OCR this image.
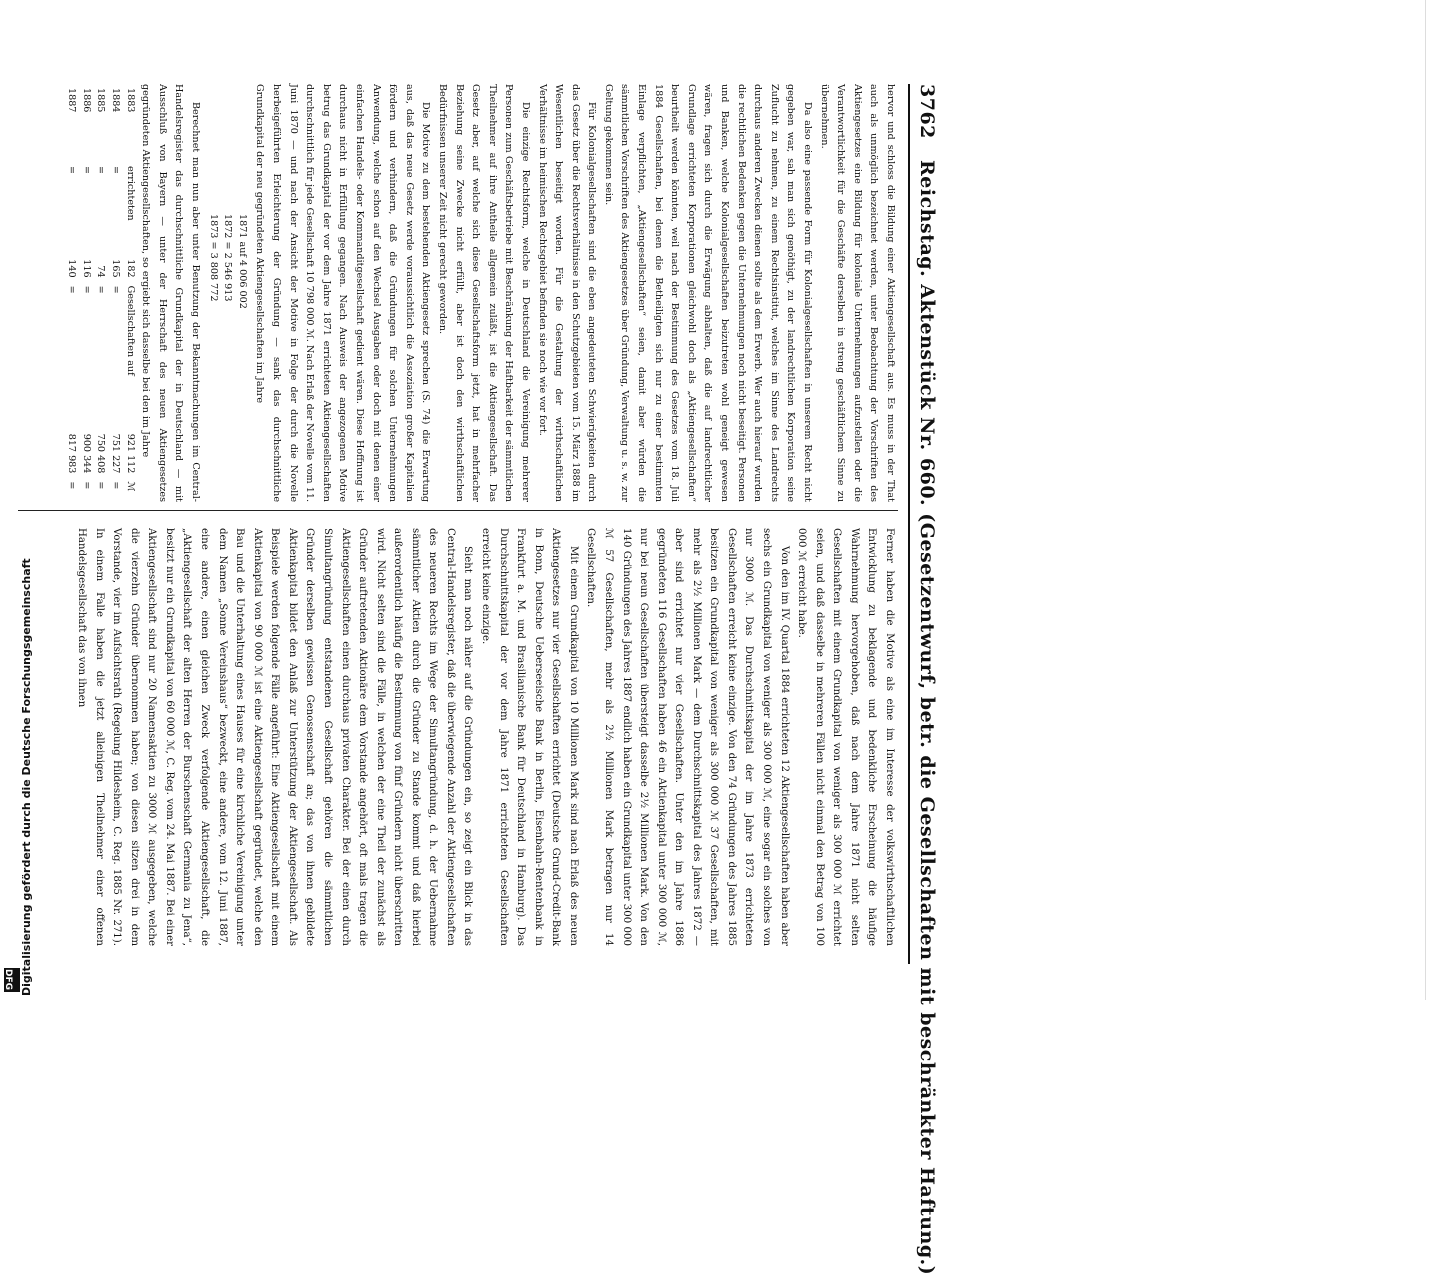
3762 Reichstag. Aktenstück Nr. 660. (Gesetzentwurf, betr. die Gesellschaften mit beschränkter Haftung.)

hervor und schloss die Bildung einer Aktiengesellschaft aus. Es muss in der That auch als unmöglich bezeichnet werden, unter Beobachtung der Vorschriften des Aktiengesetzes eine Bildung für koloniale Unternehmungen aufzustellen oder die Verantwortlichkeit für die Geschäfte derselben in streng geschäftlichem Sinne zu übernehmen.

Da also eine passende Form für Kolonialgesellschaften in unserem Recht nicht gegeben war, sah man sich genöthigt, zu der landrechtlichen Korporation seine Zuflucht zu nehmen, zu einem Rechtsinstitut, welches im Sinne des Landrechts durchaus anderen Zwecken dienen sollte als dem Erwerb. Wer auch hierauf wurden die rechtlichen Bedenken gegen die Unternehmungen noch nicht beseitigt. Personen und Banken, welche Kolonialgesellschaften beizutreten wohl geneigt gewesen wären, fragen sich durch die Erwägung abhalten, daß die auf landrechtlicher Grundlage errichteten Korporationen gleichwohl doch als „Aktiengesellschaften“ beurtheilt werden könnten, weil nach der Bestimmung des Gesetzes vom 18. Juli 1884 Gesellschaften, bei denen die Betheiligten sich nur zu einer bestimmten Einlage verpflichten, „Aktiengesellschaften“ seien, damit aber würden die sämmtlichen Vorschriften des Aktiengesetzes über Gründung, Verwaltung u. s. w. zur Geltung gekommen sein.

Für Kolonialgesellschaften sind die eben angedeuteten Schwierigkeiten durch das Gesetz über die Rechtsverhältnisse in den Schutzgebieten vom 15. März 1888 im Wesentlichen beseitigt worden. Für die Gestaltung der wirthschaftlichen Verhältnisse im heimischen Rechtsgebiet befinden sie noch wie vor fort.

Die einzige Rechtsform, welche in Deutschland die Vereinigung mehrerer Personen zum Geschäftsbetriebe mit Beschränkung der Haftbarkeit der sämmtlichen Theilnehmer auf ihre Antheile allgemein zuläßt, ist die Aktiengesellschaft. Das Gesetz aber, auf welche sich diese Gesellschaftsform jetzt, hat in mehrfacher Beziehung seine Zwecke nicht erfüllt, aber ist doch den wirthschaftlichen Bedürfnissen unserer Zeit nicht gerecht geworden.

Die Motive zu dem bestehenden Aktiengesetz sprechen (S. 74) die Erwartung aus, daß das neue Gesetz werde voraussichtlich die Assoziation großer Kapitalien fördern und verhindern, daß die Gründungen für solchen Unternehmungen Anwendung, welche schon auf den Wechsel Ausgaben oder doch mit denen einer einfachen Handels- oder Kommanditgesellschaft gedient wären. Diese Hoffnung ist durchaus nicht in Erfüllung gegangen. Nach Ausweis der angezogenen Motive betrug das Grundkapital der vor dem Jahre 1871 errichteten Aktiengesellschaften durchschnittlich für jede Gesellschaft 10 798 000 ℳ. Nach Erlaß der Novelle vom 11. Juni 1870 — und nach der Ansicht der Motive in Folge der durch die Novelle herbeigeführten Erleichterung der Gründung — sank das durchschnittliche Grundkapital der neu gegründeten Aktiengesellschaften im Jahre

1871 auf 4 006 002
1872 = 2 546 913
1873 = 3 808 772

Berechnet man nun aber unter Benutzung der Bekanntmachungen im Central-Handelsregister das durchschnittliche Grundkapital der in Deutschland — mit Ausschluß von Bayern — unter der Herrschaft des neuen Aktiengesetzes gegründeten Aktiengesellschaften, so ergiebt sich dasselbe bei den im Jahre

1883	errichteten	182	Gesellschaften auf	921 112	ℳ
1884	=	165	=	751 227	=
1885	=	74	=	750 408	=
1886	=	116	=	900 344	=
1887	=	140	=	817 983	=

Ferner haben die Motive als eine im Interesse der volkswirthschaftlichen Entwicklung zu beklagende und bedenkliche Erscheinung die häufige Wahrnehmung hervorgehoben, daß nach dem Jahre 1871 nicht selten Gesellschaften mit einem Grundkapital von weniger als 300 000 ℳ errichtet seien, und daß dasselbe in mehreren Fällen nicht einmal den Betrag von 100 000 ℳ erreicht habe.

Von den im IV. Quartal 1884 errichteten 12 Aktiengesellschaften haben aber sechs ein Grundkapital von weniger als 300 000 ℳ, eine sogar ein solches von nur 3000 ℳ. Das Durchschnittskapital der im Jahre 1873 errichteten Gesellschaften erreicht keine einzige. Von den 74 Gründungen des Jahres 1885 besitzen ein Grundkapital von weniger als 300 000 ℳ 37 Gesellschaften, mit mehr als 2½ Millionen Mark — dem Durchschnittskapital des Jahres 1872 — aber sind errichtet nur vier Gesellschaften. Unter den im Jahre 1886 gegründeten 116 Gesellschaften haben 46 ein Aktienkapital unter 300 000 ℳ, nur bei neun Gesellschaften übersteigt dasselbe 2½ Millionen Mark. Von den 140 Gründungen des Jahres 1887 endlich haben ein Grundkapital unter 300 000 ℳ 57 Gesellschaften, mehr als 2½ Millionen Mark betragen nur 14 Gesellschaften.

Mit einem Grundkapital von 10 Millionen Mark sind nach Erlaß des neuen Aktiengesetzes nur vier Gesellschaften errichtet (Deutsche Grund-Credit-Bank in Bonn, Deutsche Ueberseeische Bank in Berlin, Eisenbahn-Rentenbank in Frankfurt a. M. und Brasilianische Bank für Deutschland in Hamburg). Das Durchschnittskapital der vor dem Jahre 1871 errichteten Gesellschaften erreicht keine einzige.

Sieht man noch näher auf die Gründungen ein, so zeigt ein Blick in das Central-Handelsregister, daß die überwiegende Anzahl der Aktiengesellschaften des neueren Rechts im Wege der Simultangründung, d. h. der Uebernahme sämmtlicher Aktien durch die Gründer zu Stande kommt und daß hierbei außerordentlich häufig die Bestimmung von fünf Gründern nicht überschritten wird. Nicht selten sind die Fälle, in welchen der eine Theil der zunächst als Gründer auftretenden Aktionäre dem Vorstande angehört, oft mals tragen die Aktiengesellschaften einen durchaus privaten Charakter. Bei der einen durch Simultangründung entstandenen Gesellschaft gehören die sämmtlichen Gründer derselben gewissen Genossenschaft an; das von ihnen gebildete Aktienkapital bildet den Anlaß zur Unterstützung der Aktiengesellschaft. Als Beispiele werden folgende Fälle angeführt: Eine Aktiengesellschaft mit einem Aktienkapital von 90 000 ℳ ist eine Aktiengesellschaft gegründet, welche den Bau und die Unterhaltung eines Hauses für eine kirchliche Vereinigung unter dem Namen „Sonne Vereinshaus“ bezweckt, eine andere, vom 12. Juni 1887, eine andere, einen gleichen Zweck verfolgende Aktiengesellschaft, die „Aktiengesellschaft der alten Herren der Burschenschaft Germania zu Jena“, besitzt nur ein Grundkapital von 60 000 ℳ, C. Reg. vom 24. Mai 1887. Bei einer Aktiengesellschaft sind nur 20 Namensaktien zu 3000 ℳ ausgegeben, welche die vierzehn Gründer übernommen haben; von diesen sitzen drei in dem Vorstande, vier im Aufsichtsrath (Regelung Hildesheim, C. Reg. 1885 Nr. 271). In einem Falle haben die jetzt alleinigen Theilnehmer einer offenen Handelsgesellschaft das von ihnen

Digitalisierung gefördert durch die Deutsche Forschungsgemeinschaft
DFG
